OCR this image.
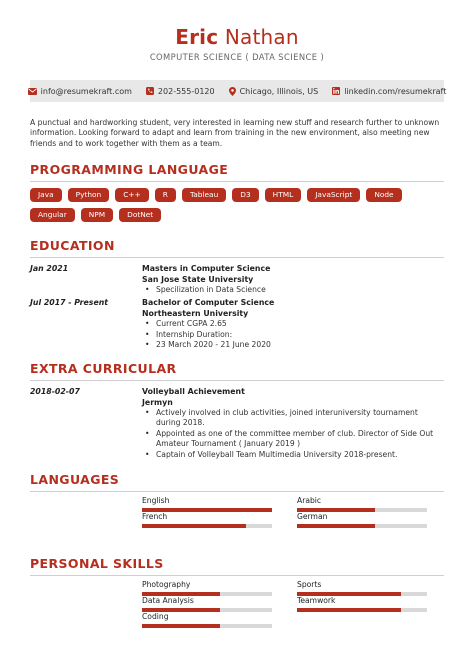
Eric Nathan
COMPUTER SCIENCE ( DATA SCIENCE )
info@resumekraft.com	202-555-0120	Chicago, Illinois, US	linkedin.com/resumekraft
A punctual and hardworking student, very interested in learning new stuff and research further to unknown information. Looking forward to adapt and learn from training in the new environment, also meeting new friends and to work together with them as a team.
PROGRAMMING LANGUAGE
Java	Python	C++	R	Tableau	D3	HTML	JavaScript	Node
Angular	NPM	DotNet
EDUCATION
Jan 2021	Masters in Computer Science
San Jose State University
• Specilization in Data Science
Jul 2017 - Present	Bachelor of Computer Science
Northeastern University
• Current CGPA 2.65
• Internship Duration:
• 23 March 2020 - 21 June 2020
EXTRA CURRICULAR
2018-02-07	Volleyball Achievement
Jermyn
• Actively involved in club activities, joined interuniversity tournament during 2018.
• Appointed as one of the committee member of club. Director of Side Out Amateur Tournament ( January 2019 )
• Captain of Volleyball Team Multimedia University 2018-present.
LANGUAGES
English	Arabic
French	German
PERSONAL SKILLS
Photography	Sports
Data Analysis	Teamwork
Coding
